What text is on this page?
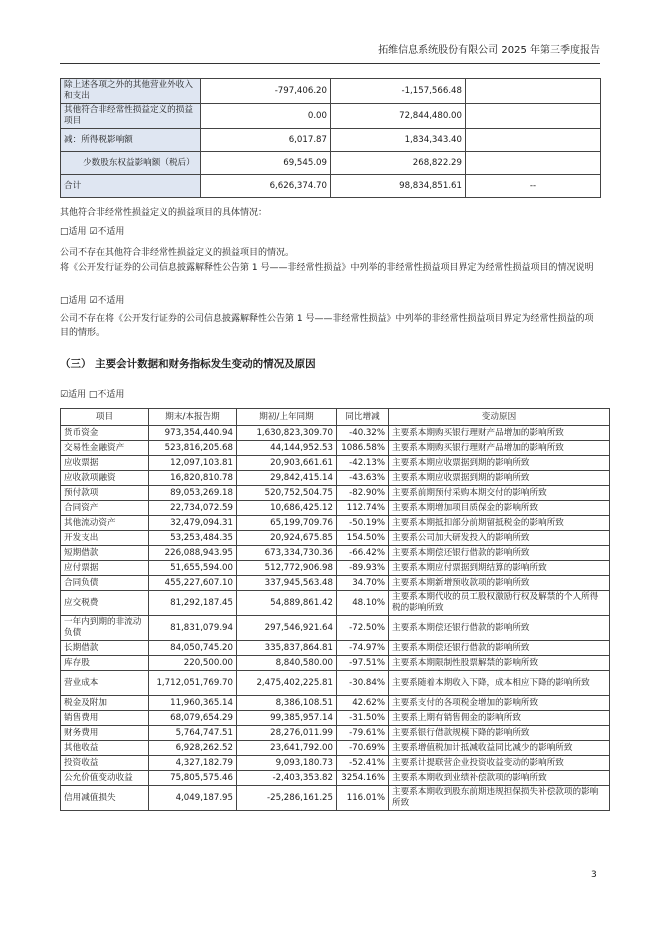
拓维信息系统股份有限公司 2025 年第三季度报告
除上述各项之外的其他营业外收入和支出	-797,406.20	-1,157,566.48	
其他符合非经常性损益定义的损益项目	0.00	72,844,480.00	
减：所得税影响额	6,017.87	1,834,343.40	
少数股东权益影响额（税后）	69,545.09	268,822.29	
合计	6,626,374.70	98,834,851.61	--
其他符合非经常性损益定义的损益项目的具体情况：
□适用 ☑不适用
公司不存在其他符合非经常性损益定义的损益项目的情况。
将《公开发行证券的公司信息披露解释性公告第 1 号——非经常性损益》中列举的非经常性损益项目界定为经常性损益项目的情况说明
□适用 ☑不适用
公司不存在将《公开发行证券的公司信息披露解释性公告第 1 号——非经常性损益》中列举的非经常性损益项目界定为经常性损益的项目的情形。
（三） 主要会计数据和财务指标发生变动的情况及原因
☑适用 □不适用
项目	期末/本报告期	期初/上年同期	同比增减	变动原因
货币资金	973,354,440.94	1,630,823,309.70	-40.32%	主要系本期购买银行理财产品增加的影响所致
交易性金融资产	523,816,205.68	44,144,952.53	1086.58%	主要系本期购买银行理财产品增加的影响所致
应收票据	12,097,103.81	20,903,661.61	-42.13%	主要系本期应收票据到期的影响所致
应收款项融资	16,820,810.78	29,842,415.14	-43.63%	主要系本期应收票据到期的影响所致
预付款项	89,053,269.18	520,752,504.75	-82.90%	主要系前期预付采购本期交付的影响所致
合同资产	22,734,072.59	10,686,425.12	112.74%	主要系本期增加项目质保金的影响所致
其他流动资产	32,479,094.31	65,199,709.76	-50.19%	主要系本期抵扣部分前期留抵税金的影响所致
开发支出	53,253,484.35	20,924,675.85	154.50%	主要系公司加大研发投入的影响所致
短期借款	226,088,943.95	673,334,730.36	-66.42%	主要系本期偿还银行借款的影响所致
应付票据	51,655,594.00	512,772,906.98	-89.93%	主要系本期应付票据到期结算的影响所致
合同负债	455,227,607.10	337,945,563.48	34.70%	主要系本期新增预收款项的影响所致
应交税费	81,292,187.45	54,889,861.42	48.10%	主要系本期代收的员工股权激励行权及解禁的个人所得税的影响所致
一年内到期的非流动负债	81,831,079.94	297,546,921.64	-72.50%	主要系本期偿还银行借款的影响所致
长期借款	84,050,745.20	335,837,864.81	-74.97%	主要系本期偿还银行借款的影响所致
库存股	220,500.00	8,840,580.00	-97.51%	主要系本期限制性股票解禁的影响所致
营业成本	1,712,051,769.70	2,475,402,225.81	-30.84%	主要系随着本期收入下降，成本相应下降的影响所致
税金及附加	11,960,365.14	8,386,108.51	42.62%	主要系支付的各项税金增加的影响所致
销售费用	68,079,654.29	99,385,957.14	-31.50%	主要系上期有销售佣金的影响所致
财务费用	5,764,747.51	28,276,011.99	-79.61%	主要系银行借款规模下降的影响所致
其他收益	6,928,262.52	23,641,792.00	-70.69%	主要系增值税加计抵减收益同比减少的影响所致
投资收益	4,327,182.79	9,093,180.73	-52.41%	主要系计提联营企业投资收益变动的影响所致
公允价值变动收益	75,805,575.46	-2,403,353.82	3254.16%	主要系本期收到业绩补偿款项的影响所致
信用减值损失	4,049,187.95	-25,286,161.25	116.01%	主要系本期收到股东前期违规担保损失补偿款项的影响所致
3
